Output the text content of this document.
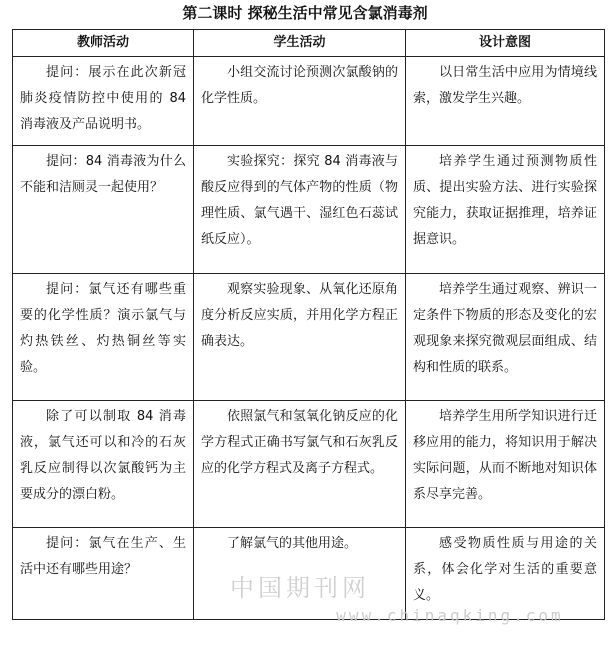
第二课时 探秘生活中常见含氯消毒剂
教师活动	学生活动	设计意图
提问：展示在此次新冠肺炎疫情防控中使用的 84 消毒液及产品说明书。	小组交流讨论预测次氯酸钠的化学性质。	以日常生活中应用为情境线索，激发学生兴趣。
提问：84 消毒液为什么不能和洁厕灵一起使用？	实验探究：探究 84 消毒液与酸反应得到的气体产物的性质（物理性质、氯气遇干、湿红色石蕊试纸反应）。	培养学生通过预测物质性质、提出实验方法、进行实验探究能力，获取证据推理，培养证据意识。
提问：氯气还有哪些重要的化学性质？演示氯气与灼热铁丝、灼热铜丝等实验。	观察实验现象、从氧化还原角度分析反应实质，并用化学方程正确表达。	培养学生通过观察、辨识一定条件下物质的形态及变化的宏观现象来探究微观层面组成、结构和性质的联系。
除了可以制取 84 消毒液，氯气还可以和冷的石灰乳反应制得以次氯酸钙为主要成分的漂白粉。	依照氯气和氢氧化钠反应的化学方程式正确书写氯气和石灰乳反应的化学方程式及离子方程式。	培养学生用所学知识进行迁移应用的能力，将知识用于解决实际问题，从而不断地对知识体系尽享完善。
提问：氯气在生产、生活中还有哪些用途？	了解氯气的其他用途。	感受物质性质与用途的关系，体会化学对生活的重要意义。
中国期刊网
www.chinaqking.com
